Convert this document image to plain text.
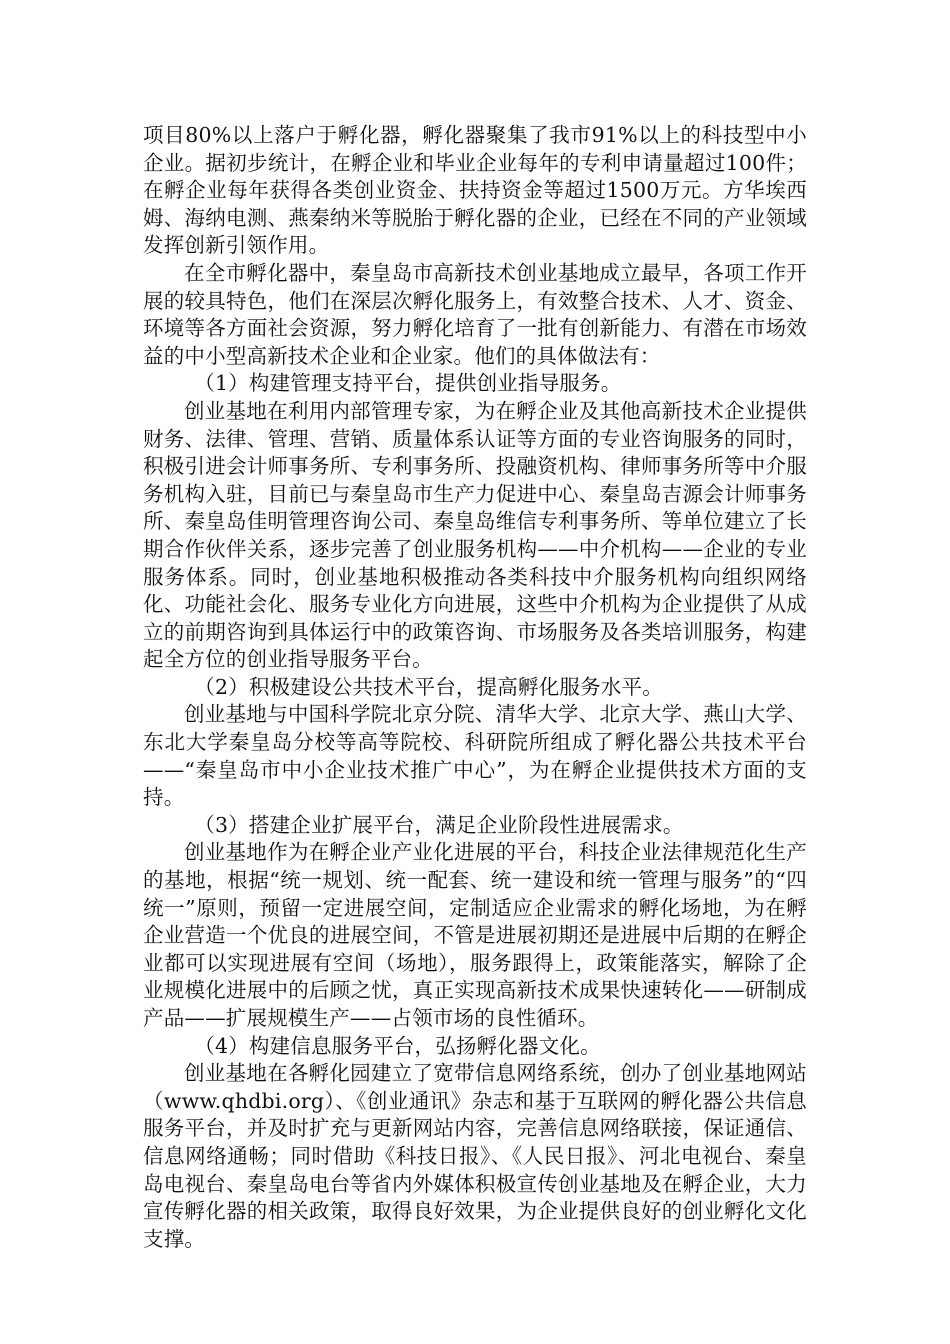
项目80%以上落户于孵化器，孵化器聚集了我市91%以上的科技型中小企业。据初步统计，在孵企业和毕业企业每年的专利申请量超过100件；在孵企业每年获得各类创业资金、扶持资金等超过1500万元。方华埃西姆、海纳电测、燕秦纳米等脱胎于孵化器的企业，已经在不同的产业领域发挥创新引领作用。

在全市孵化器中，秦皇岛市高新技术创业基地成立最早，各项工作开展的较具特色，他们在深层次孵化服务上，有效整合技术、人才、资金、环境等各方面社会资源，努力孵化培育了一批有创新能力、有潜在市场效益的中小型高新技术企业和企业家。他们的具体做法有：

（1）构建管理支持平台，提供创业指导服务。

创业基地在利用内部管理专家，为在孵企业及其他高新技术企业提供财务、法律、管理、营销、质量体系认证等方面的专业咨询服务的同时，积极引进会计师事务所、专利事务所、投融资机构、律师事务所等中介服务机构入驻，目前已与秦皇岛市生产力促进中心、秦皇岛吉源会计师事务所、秦皇岛佳明管理咨询公司、秦皇岛维信专利事务所、等单位建立了长期合作伙伴关系，逐步完善了创业服务机构——中介机构——企业的专业服务体系。同时，创业基地积极推动各类科技中介服务机构向组织网络化、功能社会化、服务专业化方向进展，这些中介机构为企业提供了从成立的前期咨询到具体运行中的政策咨询、市场服务及各类培训服务，构建起全方位的创业指导服务平台。

（2）积极建设公共技术平台，提高孵化服务水平。

创业基地与中国科学院北京分院、清华大学、北京大学、燕山大学、东北大学秦皇岛分校等高等院校、科研院所组成了孵化器公共技术平台——“秦皇岛市中小企业技术推广中心”，为在孵企业提供技术方面的支持。

（3）搭建企业扩展平台，满足企业阶段性进展需求。

创业基地作为在孵企业产业化进展的平台，科技企业法律规范化生产的基地，根据“统一规划、统一配套、统一建设和统一管理与服务”的“四统一”原则，预留一定进展空间，定制适应企业需求的孵化场地，为在孵企业营造一个优良的进展空间，不管是进展初期还是进展中后期的在孵企业都可以实现进展有空间（场地），服务跟得上，政策能落实，解除了企业规模化进展中的后顾之忧，真正实现高新技术成果快速转化——研制成产品——扩展规模生产——占领市场的良性循环。

（4）构建信息服务平台，弘扬孵化器文化。

创业基地在各孵化园建立了宽带信息网络系统，创办了创业基地网站（www.qhdbi.org）、《创业通讯》杂志和基于互联网的孵化器公共信息服务平台，并及时扩充与更新网站内容，完善信息网络联接，保证通信、信息网络通畅；同时借助《科技日报》、《人民日报》、河北电视台、秦皇岛电视台、秦皇岛电台等省内外媒体积极宣传创业基地及在孵企业，大力宣传孵化器的相关政策，取得良好效果，为企业提供良好的创业孵化文化支撑。
